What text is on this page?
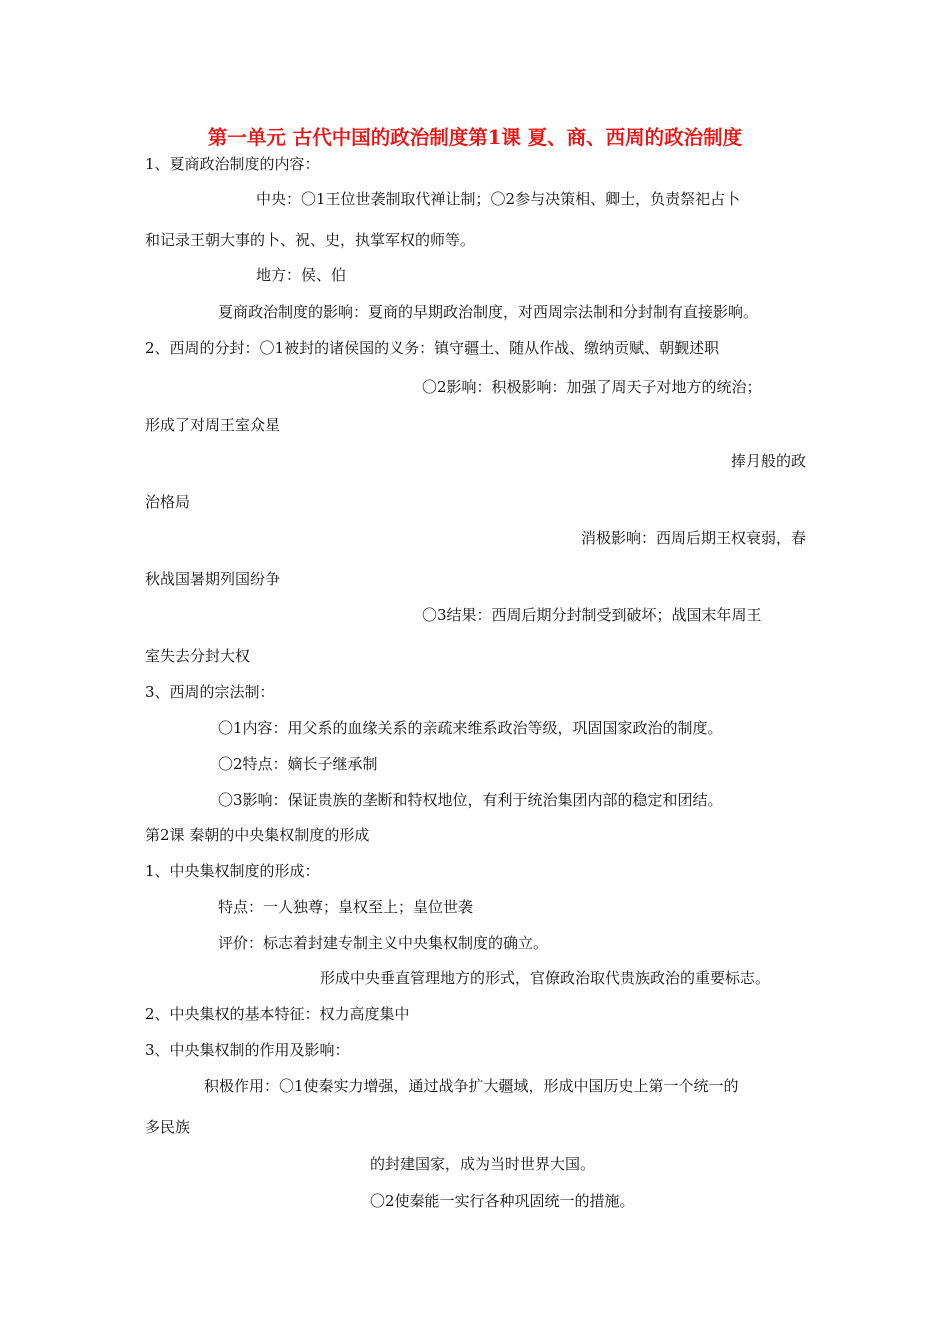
第一单元 古代中国的政治制度第1课 夏、商、西周的政治制度
1、夏商政治制度的内容：
中央：〇1王位世袭制取代禅让制；〇2参与决策相、卿士，负责祭祀占卜
和记录王朝大事的卜、祝、史，执掌军权的师等。
地方：侯、伯
夏商政治制度的影响：夏商的早期政治制度，对西周宗法制和分封制有直接影响。
2、西周的分封：〇1被封的诸侯国的义务：镇守疆土、随从作战、缴纳贡赋、朝觐述职
〇2影响：积极影响：加强了周天子对地方的统治；
形成了对周王室众星
捧月般的政
治格局
消极影响：西周后期王权衰弱，春
秋战国暑期列国纷争
〇3结果：西周后期分封制受到破坏；战国末年周王
室失去分封大权
3、西周的宗法制：
〇1内容：用父系的血缘关系的亲疏来维系政治等级，巩固国家政治的制度。
〇2特点：嫡长子继承制
〇3影响：保证贵族的垄断和特权地位，有利于统治集团内部的稳定和团结。
第2课 秦朝的中央集权制度的形成
1、中央集权制度的形成：
特点：一人独尊；皇权至上；皇位世袭
评价：标志着封建专制主义中央集权制度的确立。
形成中央垂直管理地方的形式，官僚政治取代贵族政治的重要标志。
2、中央集权的基本特征：权力高度集中
3、中央集权制的作用及影响：
积极作用：〇1使秦实力增强，通过战争扩大疆域，形成中国历史上第一个统一的
多民族
的封建国家，成为当时世界大国。
〇2使秦能一实行各种巩固统一的措施。
